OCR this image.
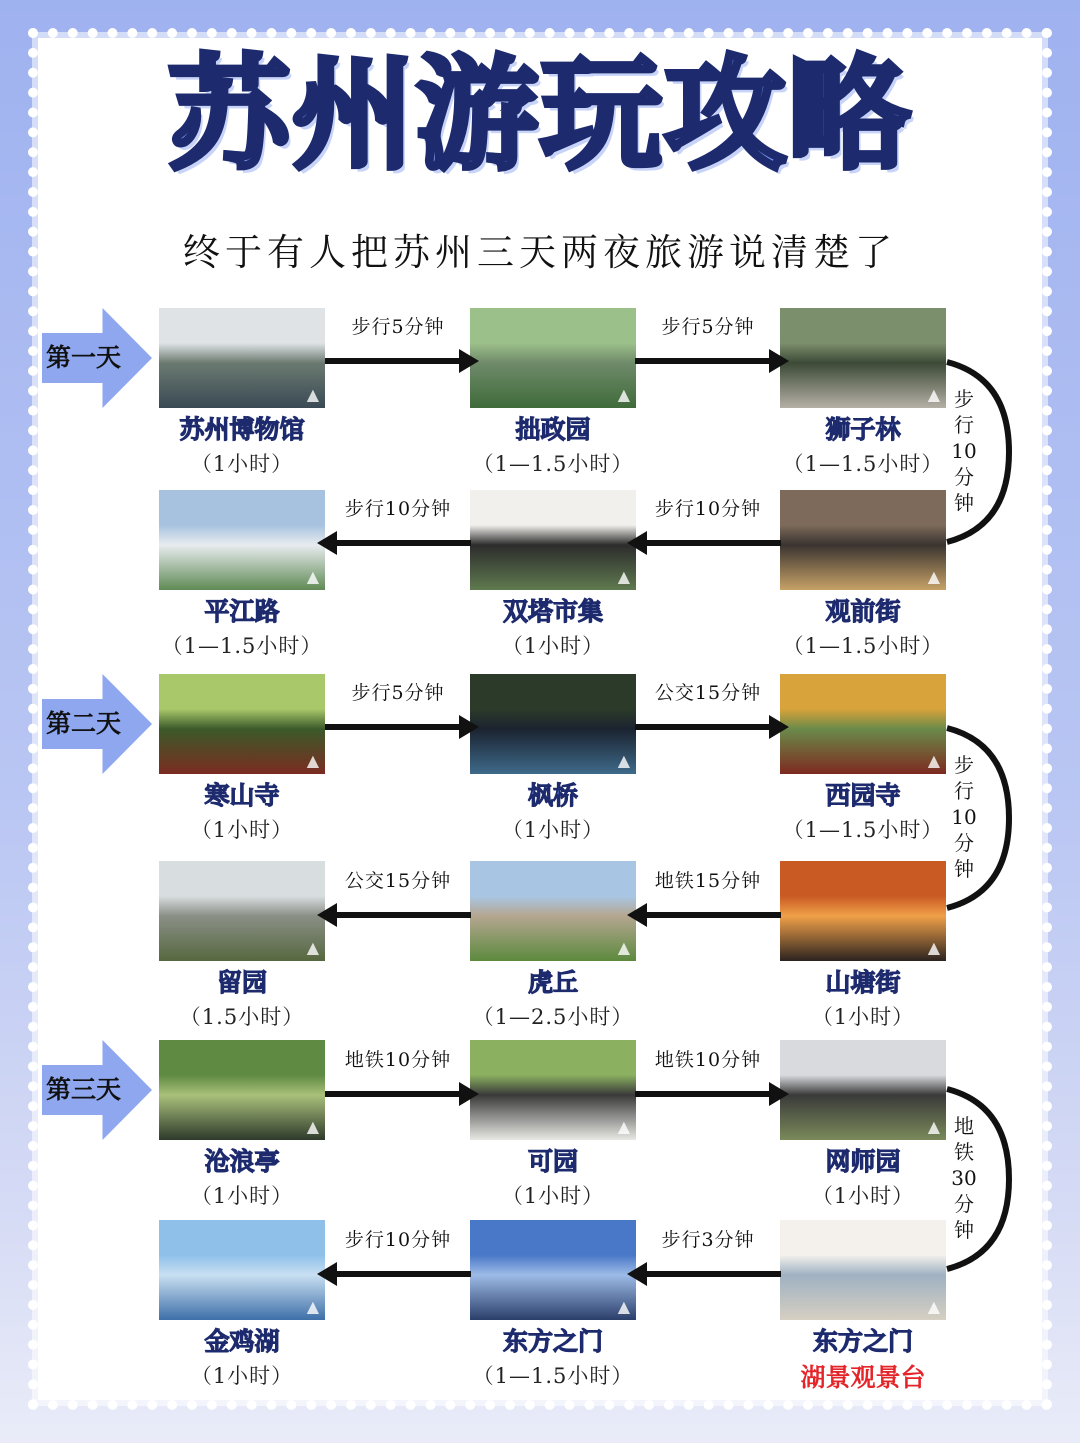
苏州游玩攻略
终于有人把苏州三天两夜旅游说清楚了
第一天
第二天
第三天
▲
苏州博物馆
（1小时）
▲
拙政园
（1—1.5小时）
▲
狮子林
（1—1.5小时）
▲
观前街
（1—1.5小时）
▲
双塔市集
（1小时）
▲
平江路
（1—1.5小时）
▲
寒山寺
（1小时）
▲
枫桥
（1小时）
▲
西园寺
（1—1.5小时）
▲
山塘街
（1小时）
▲
虎丘
（1—2.5小时）
▲
留园
（1.5小时）
▲
沧浪亭
（1小时）
▲
可园
（1小时）
▲
网师园
（1小时）
▲
东方之门
湖景观景台
▲
东方之门
（1—1.5小时）
▲
金鸡湖
（1小时）
步行5分钟	步行5分钟
步行10分钟
步行10分钟
步行5分钟	公交15分钟
地铁15分钟
公交15分钟
地铁10分钟	地铁10分钟
步行3分钟
步行10分钟
步行10分钟
步行10分钟
地铁30分钟
